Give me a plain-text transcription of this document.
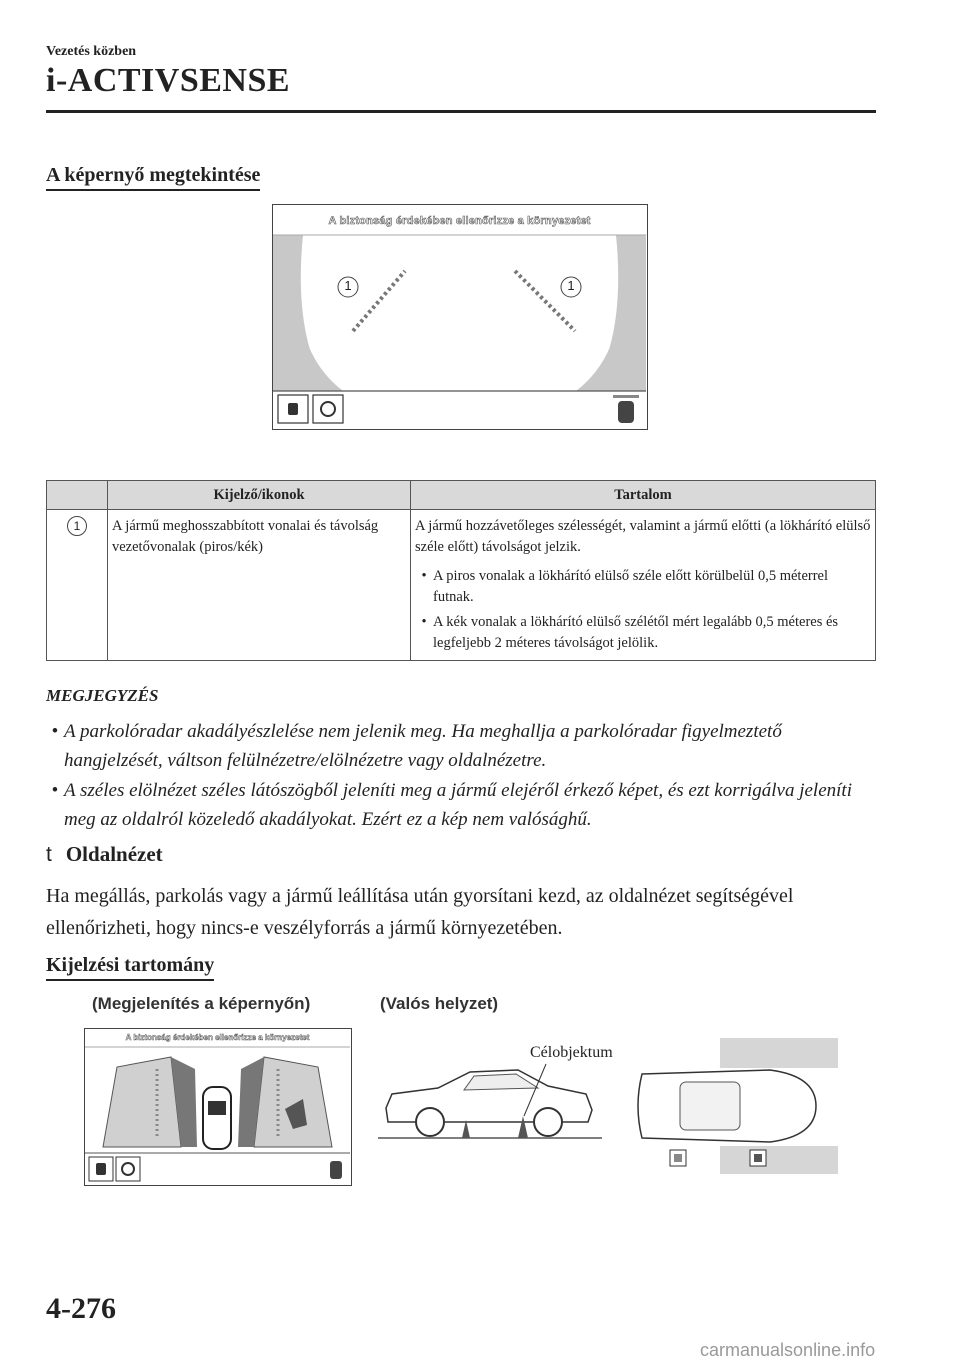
Vezetés közben
i-ACTIVSENSE
A képernyő megtekintése
A biztonság érdekében ellenőrizze a környezetet
1	1
	Kijelző/ikonok	Tartalom
1	A jármű meghosszabbított vonalai és távolság vezetővonalak (piros/kék)	A jármű hozzávetőleges szélességét, valamint a jármű előtti (a lökhárító elülső széle előtt) távolságot jelzik.
• A piros vonalak a lökhárító elülső széle előtt körülbelül 0,5 méterrel futnak.
• A kék vonalak a lökhárító elülső szélétől mért legalább 0,5 méteres és legfeljebb 2 méteres távolságot jelölik.
MEGJEGYZÉS
• A parkolóradar akadályészlelése nem jelenik meg. Ha meghallja a parkolóradar figyelmeztető hangjelzését, váltson felülnézetre/elölnézetre vagy oldalnézetre.
• A széles elölnézet széles látószögből jeleníti meg a jármű elejéről érkező képet, és ezt korrigálva jeleníti meg az oldalról közeledő akadályokat. Ezért ez a kép nem valósághű.
t Oldalnézet
Ha megállás, parkolás vagy a jármű leállítása után gyorsítani kezd, az oldalnézet segítségével ellenőrizheti, hogy nincs-e veszélyforrás a jármű környezetében.
Kijelzési tartomány
(Megjelenítés a képernyőn)	(Valós helyzet)
A biztonság érdekében ellenőrizze a környezetet
Célobjektum
4-276
carmanualsonline.info
